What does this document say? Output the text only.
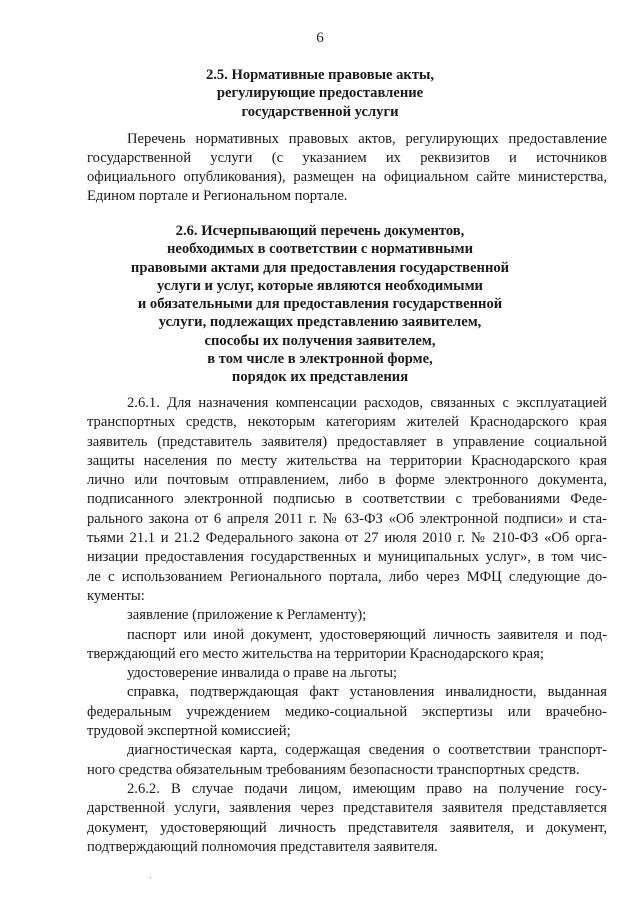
6
2.5. Нормативные правовые акты,
регулирующие предоставление
государственной услуги
Перечень нормативных правовых актов, регулирующих предоставление
государственной услуги (с указанием их реквизитов и источников
официального опубликования), размещен на официальном сайте министерства,
Едином портале и Региональном портале.
2.6. Исчерпывающий перечень документов,
необходимых в соответствии с нормативными
правовыми актами для предоставления государственной
услуги и услуг, которые являются необходимыми
и обязательными для предоставления государственной
услуги, подлежащих представлению заявителем,
способы их получения заявителем,
в том числе в электронной форме,
порядок их представления
2.6.1. Для назначения компенсации расходов, связанных с эксплуатацией
транспортных средств, некоторым категориям жителей Краснодарского края
заявитель (представитель заявителя) предоставляет в управление социальной
защиты населения по месту жительства на территории Краснодарского края
лично или почтовым отправлением, либо в форме электронного документа,
подписанного электронной подписью в соответствии с требованиями Феде-
рального закона от 6 апреля 2011 г. № 63-ФЗ «Об электронной подписи» и ста-
тьями 21.1 и 21.2 Федерального закона от 27 июля 2010 г. № 210-ФЗ «Об орга-
низации предоставления государственных и муниципальных услуг», в том чис-
ле с использованием Регионального портала, либо через МФЦ следующие до-
кументы:
заявление (приложение к Регламенту);
паспорт или иной документ, удостоверяющий личность заявителя и под-
тверждающий его место жительства на территории Краснодарского края;
удостоверение инвалида о праве на льготы;
справка, подтверждающая факт установления инвалидности, выданная
федеральным учреждением медико-социальной экспертизы или врачебно-
трудовой экспертной комиссией;
диагностическая карта, содержащая сведения о соответствии транспорт-
ного средства обязательным требованиям безопасности транспортных средств.
2.6.2. В случае подачи лицом, имеющим право на получение госу-
дарственной услуги, заявления через представителя заявителя представляется
документ, удостоверяющий личность представителя заявителя, и документ,
подтверждающий полномочия представителя заявителя.
